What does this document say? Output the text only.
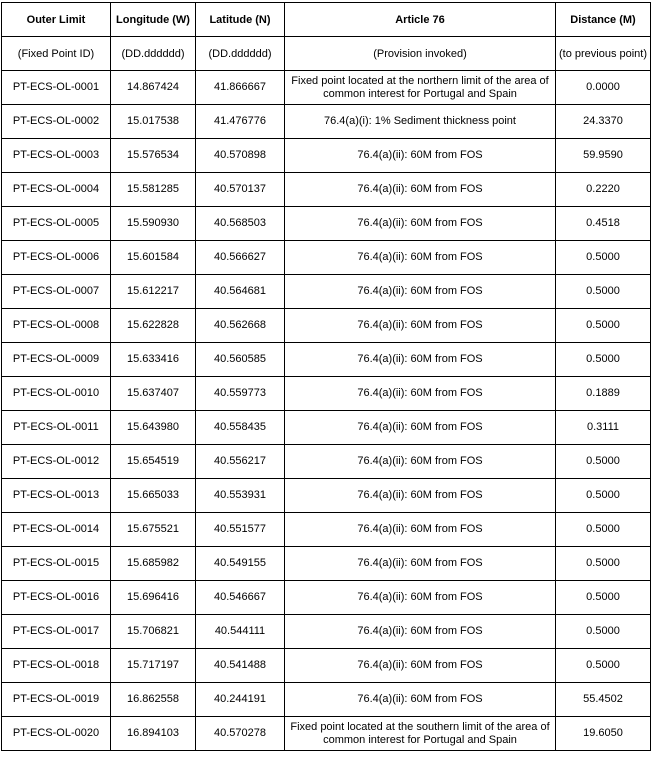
Outer Limit	Longitude (W)	Latitude (N)	Article 76	Distance (M)
(Fixed Point ID)	(DD.dddddd)	(DD.dddddd)	(Provision invoked)	(to previous point)
PT-ECS-OL-0001	14.867424	41.866667	Fixed point located at the northern limit of the area of common interest for Portugal and Spain	0.0000
PT-ECS-OL-0002	15.017538	41.476776	76.4(a)(i): 1% Sediment thickness point	24.3370
PT-ECS-OL-0003	15.576534	40.570898	76.4(a)(ii): 60M from FOS	59.9590
PT-ECS-OL-0004	15.581285	40.570137	76.4(a)(ii): 60M from FOS	0.2220
PT-ECS-OL-0005	15.590930	40.568503	76.4(a)(ii): 60M from FOS	0.4518
PT-ECS-OL-0006	15.601584	40.566627	76.4(a)(ii): 60M from FOS	0.5000
PT-ECS-OL-0007	15.612217	40.564681	76.4(a)(ii): 60M from FOS	0.5000
PT-ECS-OL-0008	15.622828	40.562668	76.4(a)(ii): 60M from FOS	0.5000
PT-ECS-OL-0009	15.633416	40.560585	76.4(a)(ii): 60M from FOS	0.5000
PT-ECS-OL-0010	15.637407	40.559773	76.4(a)(ii): 60M from FOS	0.1889
PT-ECS-OL-0011	15.643980	40.558435	76.4(a)(ii): 60M from FOS	0.3111
PT-ECS-OL-0012	15.654519	40.556217	76.4(a)(ii): 60M from FOS	0.5000
PT-ECS-OL-0013	15.665033	40.553931	76.4(a)(ii): 60M from FOS	0.5000
PT-ECS-OL-0014	15.675521	40.551577	76.4(a)(ii): 60M from FOS	0.5000
PT-ECS-OL-0015	15.685982	40.549155	76.4(a)(ii): 60M from FOS	0.5000
PT-ECS-OL-0016	15.696416	40.546667	76.4(a)(ii): 60M from FOS	0.5000
PT-ECS-OL-0017	15.706821	40.544111	76.4(a)(ii): 60M from FOS	0.5000
PT-ECS-OL-0018	15.717197	40.541488	76.4(a)(ii): 60M from FOS	0.5000
PT-ECS-OL-0019	16.862558	40.244191	76.4(a)(ii): 60M from FOS	55.4502
PT-ECS-OL-0020	16.894103	40.570278	Fixed point located at the southern limit of the area of common interest for Portugal and Spain	19.6050
